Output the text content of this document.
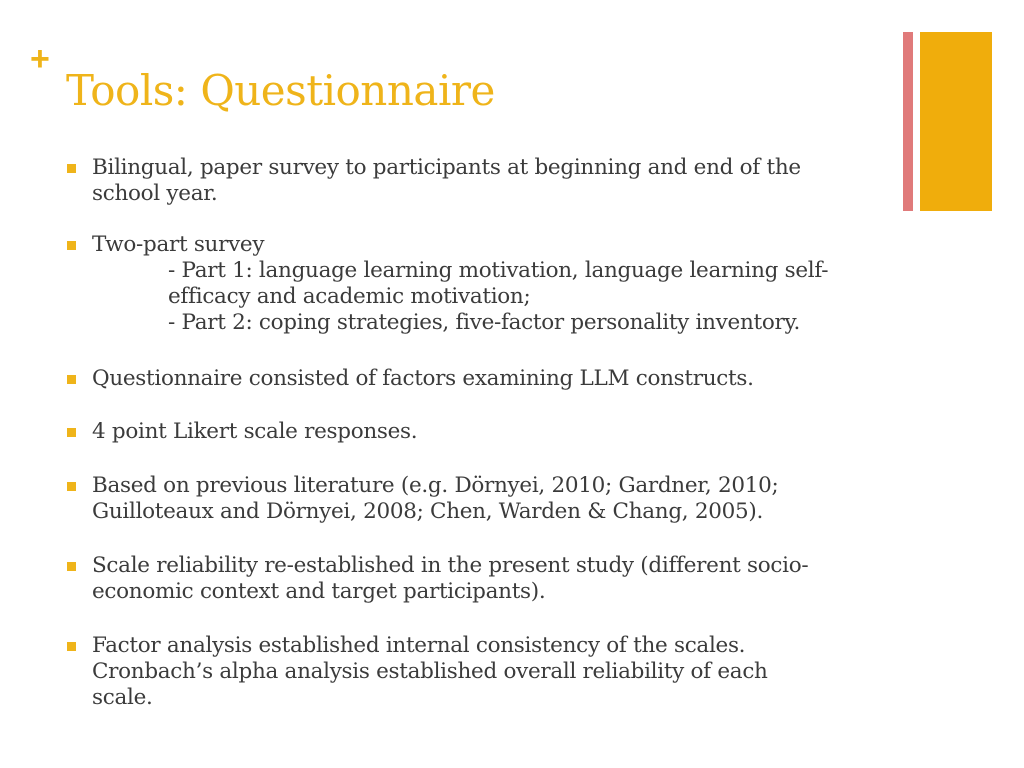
+
Tools: Questionnaire
Bilingual, paper survey to participants at beginning and end of the
school year.
Two-part survey
- Part 1: language learning motivation, language learning self-
efficacy and academic motivation;
- Part 2: coping strategies, five-factor personality inventory.
Questionnaire consisted of factors examining LLM constructs.
4 point Likert scale responses.
Based on previous literature (e.g. Dörnyei, 2010; Gardner, 2010;
Guilloteaux and Dörnyei, 2008; Chen, Warden & Chang, 2005).
Scale reliability re-established in the present study (different socio-
economic context and target participants).
Factor analysis established internal consistency of the scales.
Cronbach’s alpha analysis established overall reliability of each
scale.
